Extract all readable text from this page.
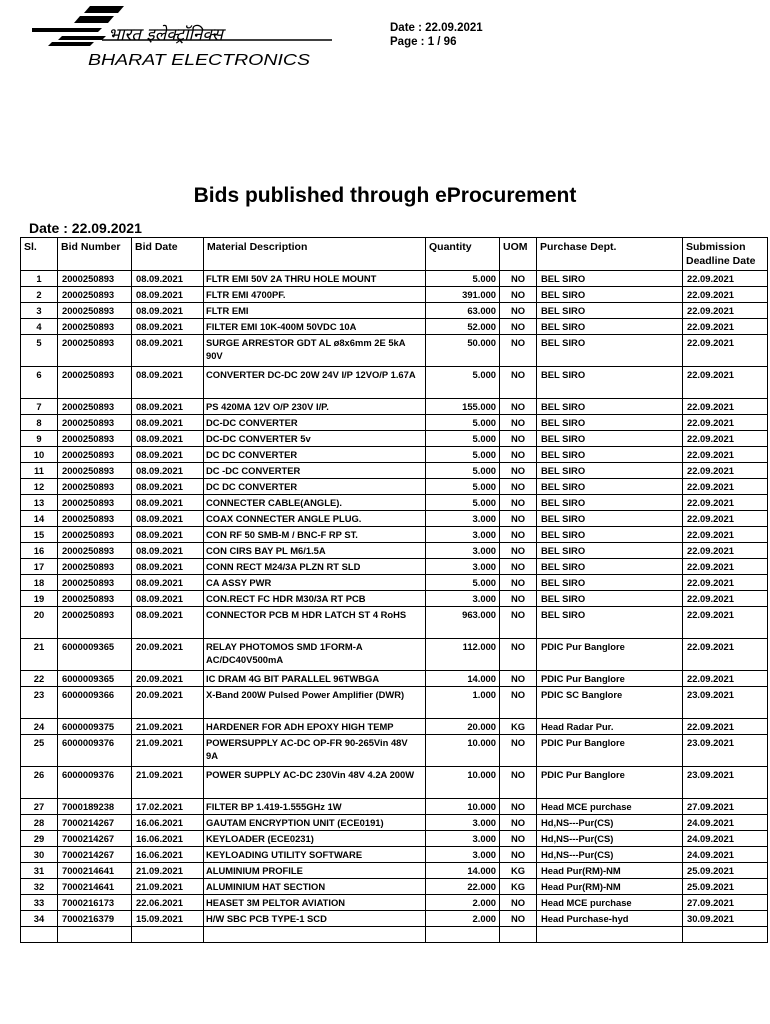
भारत इलेक्ट्रॉनिक्स
BHARAT ELECTRONICS
Date : 22.09.2021
Page : 1 / 96
Bids published through eProcurement
Date : 22.09.2021
Sl.	Bid Number	Bid Date	Material Description	Quantity	UOM	Purchase Dept.	Submission Deadline Date
1	2000250893	08.09.2021	FLTR EMI 50V 2A THRU HOLE MOUNT	5.000	NO	BEL SIRO	22.09.2021
2	2000250893	08.09.2021	FLTR EMI 4700PF.	391.000	NO	BEL SIRO	22.09.2021
3	2000250893	08.09.2021	FLTR EMI	63.000	NO	BEL SIRO	22.09.2021
4	2000250893	08.09.2021	FILTER EMI 10K-400M 50VDC 10A	52.000	NO	BEL SIRO	22.09.2021
5	2000250893	08.09.2021	SURGE ARRESTOR GDT AL ø8x6mm 2E 5kA 90V	50.000	NO	BEL SIRO	22.09.2021
6	2000250893	08.09.2021	CONVERTER DC-DC 20W 24V I/P 12VO/P 1.67A	5.000	NO	BEL SIRO	22.09.2021
7	2000250893	08.09.2021	PS 420MA 12V O/P 230V I/P.	155.000	NO	BEL SIRO	22.09.2021
8	2000250893	08.09.2021	DC-DC CONVERTER	5.000	NO	BEL SIRO	22.09.2021
9	2000250893	08.09.2021	DC-DC CONVERTER 5v	5.000	NO	BEL SIRO	22.09.2021
10	2000250893	08.09.2021	DC DC CONVERTER	5.000	NO	BEL SIRO	22.09.2021
11	2000250893	08.09.2021	DC -DC CONVERTER	5.000	NO	BEL SIRO	22.09.2021
12	2000250893	08.09.2021	DC DC CONVERTER	5.000	NO	BEL SIRO	22.09.2021
13	2000250893	08.09.2021	CONNECTER CABLE(ANGLE).	5.000	NO	BEL SIRO	22.09.2021
14	2000250893	08.09.2021	COAX CONNECTER ANGLE PLUG.	3.000	NO	BEL SIRO	22.09.2021
15	2000250893	08.09.2021	CON RF 50 SMB-M / BNC-F RP ST.	3.000	NO	BEL SIRO	22.09.2021
16	2000250893	08.09.2021	CON CIRS BAY PL M6/1.5A	3.000	NO	BEL SIRO	22.09.2021
17	2000250893	08.09.2021	CONN RECT M24/3A PLZN RT SLD	3.000	NO	BEL SIRO	22.09.2021
18	2000250893	08.09.2021	CA ASSY PWR	5.000	NO	BEL SIRO	22.09.2021
19	2000250893	08.09.2021	CON.RECT FC HDR M30/3A RT PCB	3.000	NO	BEL SIRO	22.09.2021
20	2000250893	08.09.2021	CONNECTOR PCB M HDR LATCH ST 4 RoHS	963.000	NO	BEL SIRO	22.09.2021
21	6000009365	20.09.2021	RELAY PHOTOMOS SMD 1FORM-A AC/DC40V500mA	112.000	NO	PDIC Pur Banglore	22.09.2021
22	6000009365	20.09.2021	IC DRAM 4G BIT PARALLEL 96TWBGA	14.000	NO	PDIC Pur Banglore	22.09.2021
23	6000009366	20.09.2021	X-Band 200W Pulsed Power Amplifier (DWR)	1.000	NO	PDIC SC Banglore	23.09.2021
24	6000009375	21.09.2021	HARDENER FOR ADH EPOXY HIGH TEMP	20.000	KG	Head Radar Pur.	22.09.2021
25	6000009376	21.09.2021	POWERSUPPLY AC-DC OP-FR 90-265Vin 48V 9A	10.000	NO	PDIC Pur Banglore	23.09.2021
26	6000009376	21.09.2021	POWER SUPPLY AC-DC 230Vin 48V 4.2A 200W	10.000	NO	PDIC Pur Banglore	23.09.2021
27	7000189238	17.02.2021	FILTER BP 1.419-1.555GHz 1W	10.000	NO	Head MCE purchase	27.09.2021
28	7000214267	16.06.2021	GAUTAM ENCRYPTION UNIT (ECE0191)	3.000	NO	Hd,NS---Pur(CS)	24.09.2021
29	7000214267	16.06.2021	KEYLOADER (ECE0231)	3.000	NO	Hd,NS---Pur(CS)	24.09.2021
30	7000214267	16.06.2021	KEYLOADING UTILITY SOFTWARE	3.000	NO	Hd,NS---Pur(CS)	24.09.2021
31	7000214641	21.09.2021	ALUMINIUM PROFILE	14.000	KG	Head Pur(RM)-NM	25.09.2021
32	7000214641	21.09.2021	ALUMINIUM HAT SECTION	22.000	KG	Head Pur(RM)-NM	25.09.2021
33	7000216173	22.06.2021	HEASET 3M PELTOR AVIATION	2.000	NO	Head MCE purchase	27.09.2021
34	7000216379	15.09.2021	H/W SBC PCB TYPE-1 SCD	2.000	NO	Head Purchase-hyd	30.09.2021
